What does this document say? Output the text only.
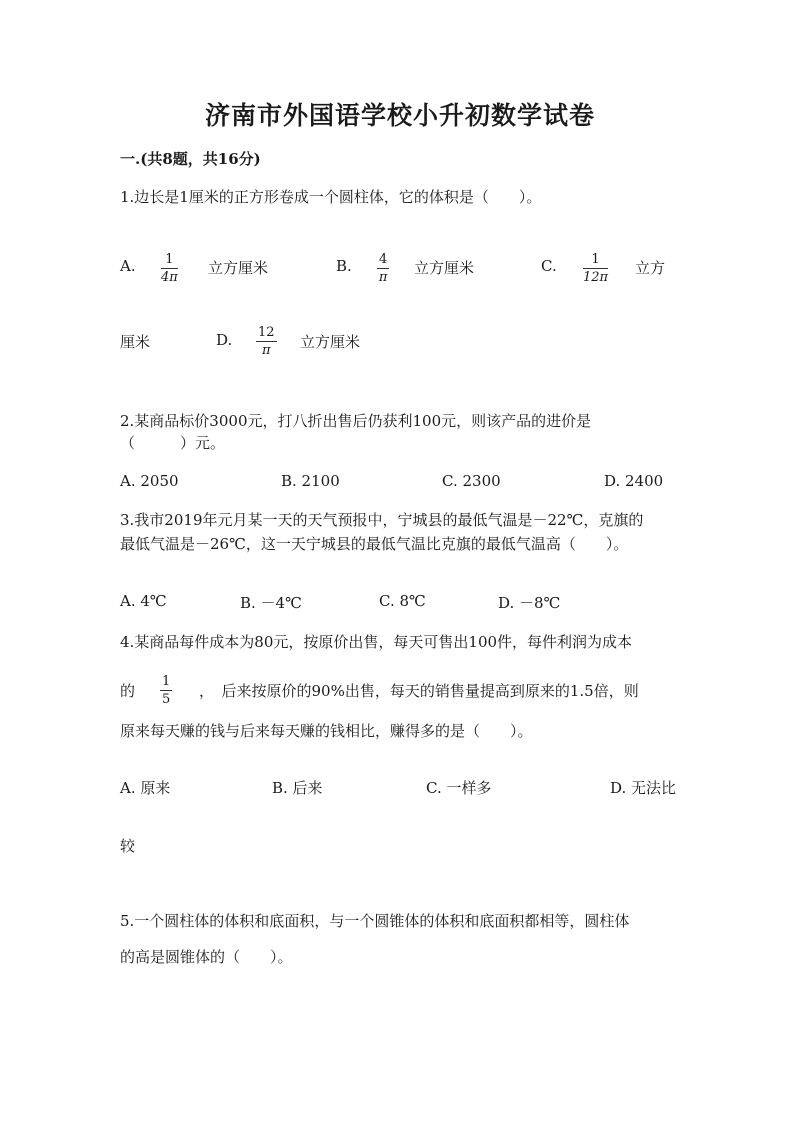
济南市外国语学校小升初数学试卷
一.(共8题，共16分)
1.边长是1厘米的正方形卷成一个圆柱体，它的体积是（　　）。
A. 1
4π
立方厘米	B. 4
π
立方厘米	C.	1
12π
立方
厘米	D. 12
π 立方厘米
2.某商品标价3000元，打八折出售后仍获利100元，则该产品的进价是
（　　　）元。
A. 2050	B. 2100	C. 2300	D. 2400
3.我市2019年元月某一天的天气预报中，宁城县的最低气温是－22℃，克旗的
最低气温是－26℃，这一天宁城县的最低气温比克旗的最低气温高（　　）。
A. 4℃	B. －4℃	C. 8℃	D. －8℃
4.某商品每件成本为80元，按原价出售，每天可售出100件，每件利润为成本
的
1
5 ，　后来按原价的90%出售，每天的销售量提高到原来的1.5倍，则
原来每天赚的钱与后来每天赚的钱相比，赚得多的是（　　）。
A. 原来	B. 后来	C. 一样多	D. 无法比
较
5.一个圆柱体的体积和底面积，与一个圆锥体的体积和底面积都相等，圆柱体
的高是圆锥体的（　　）。
